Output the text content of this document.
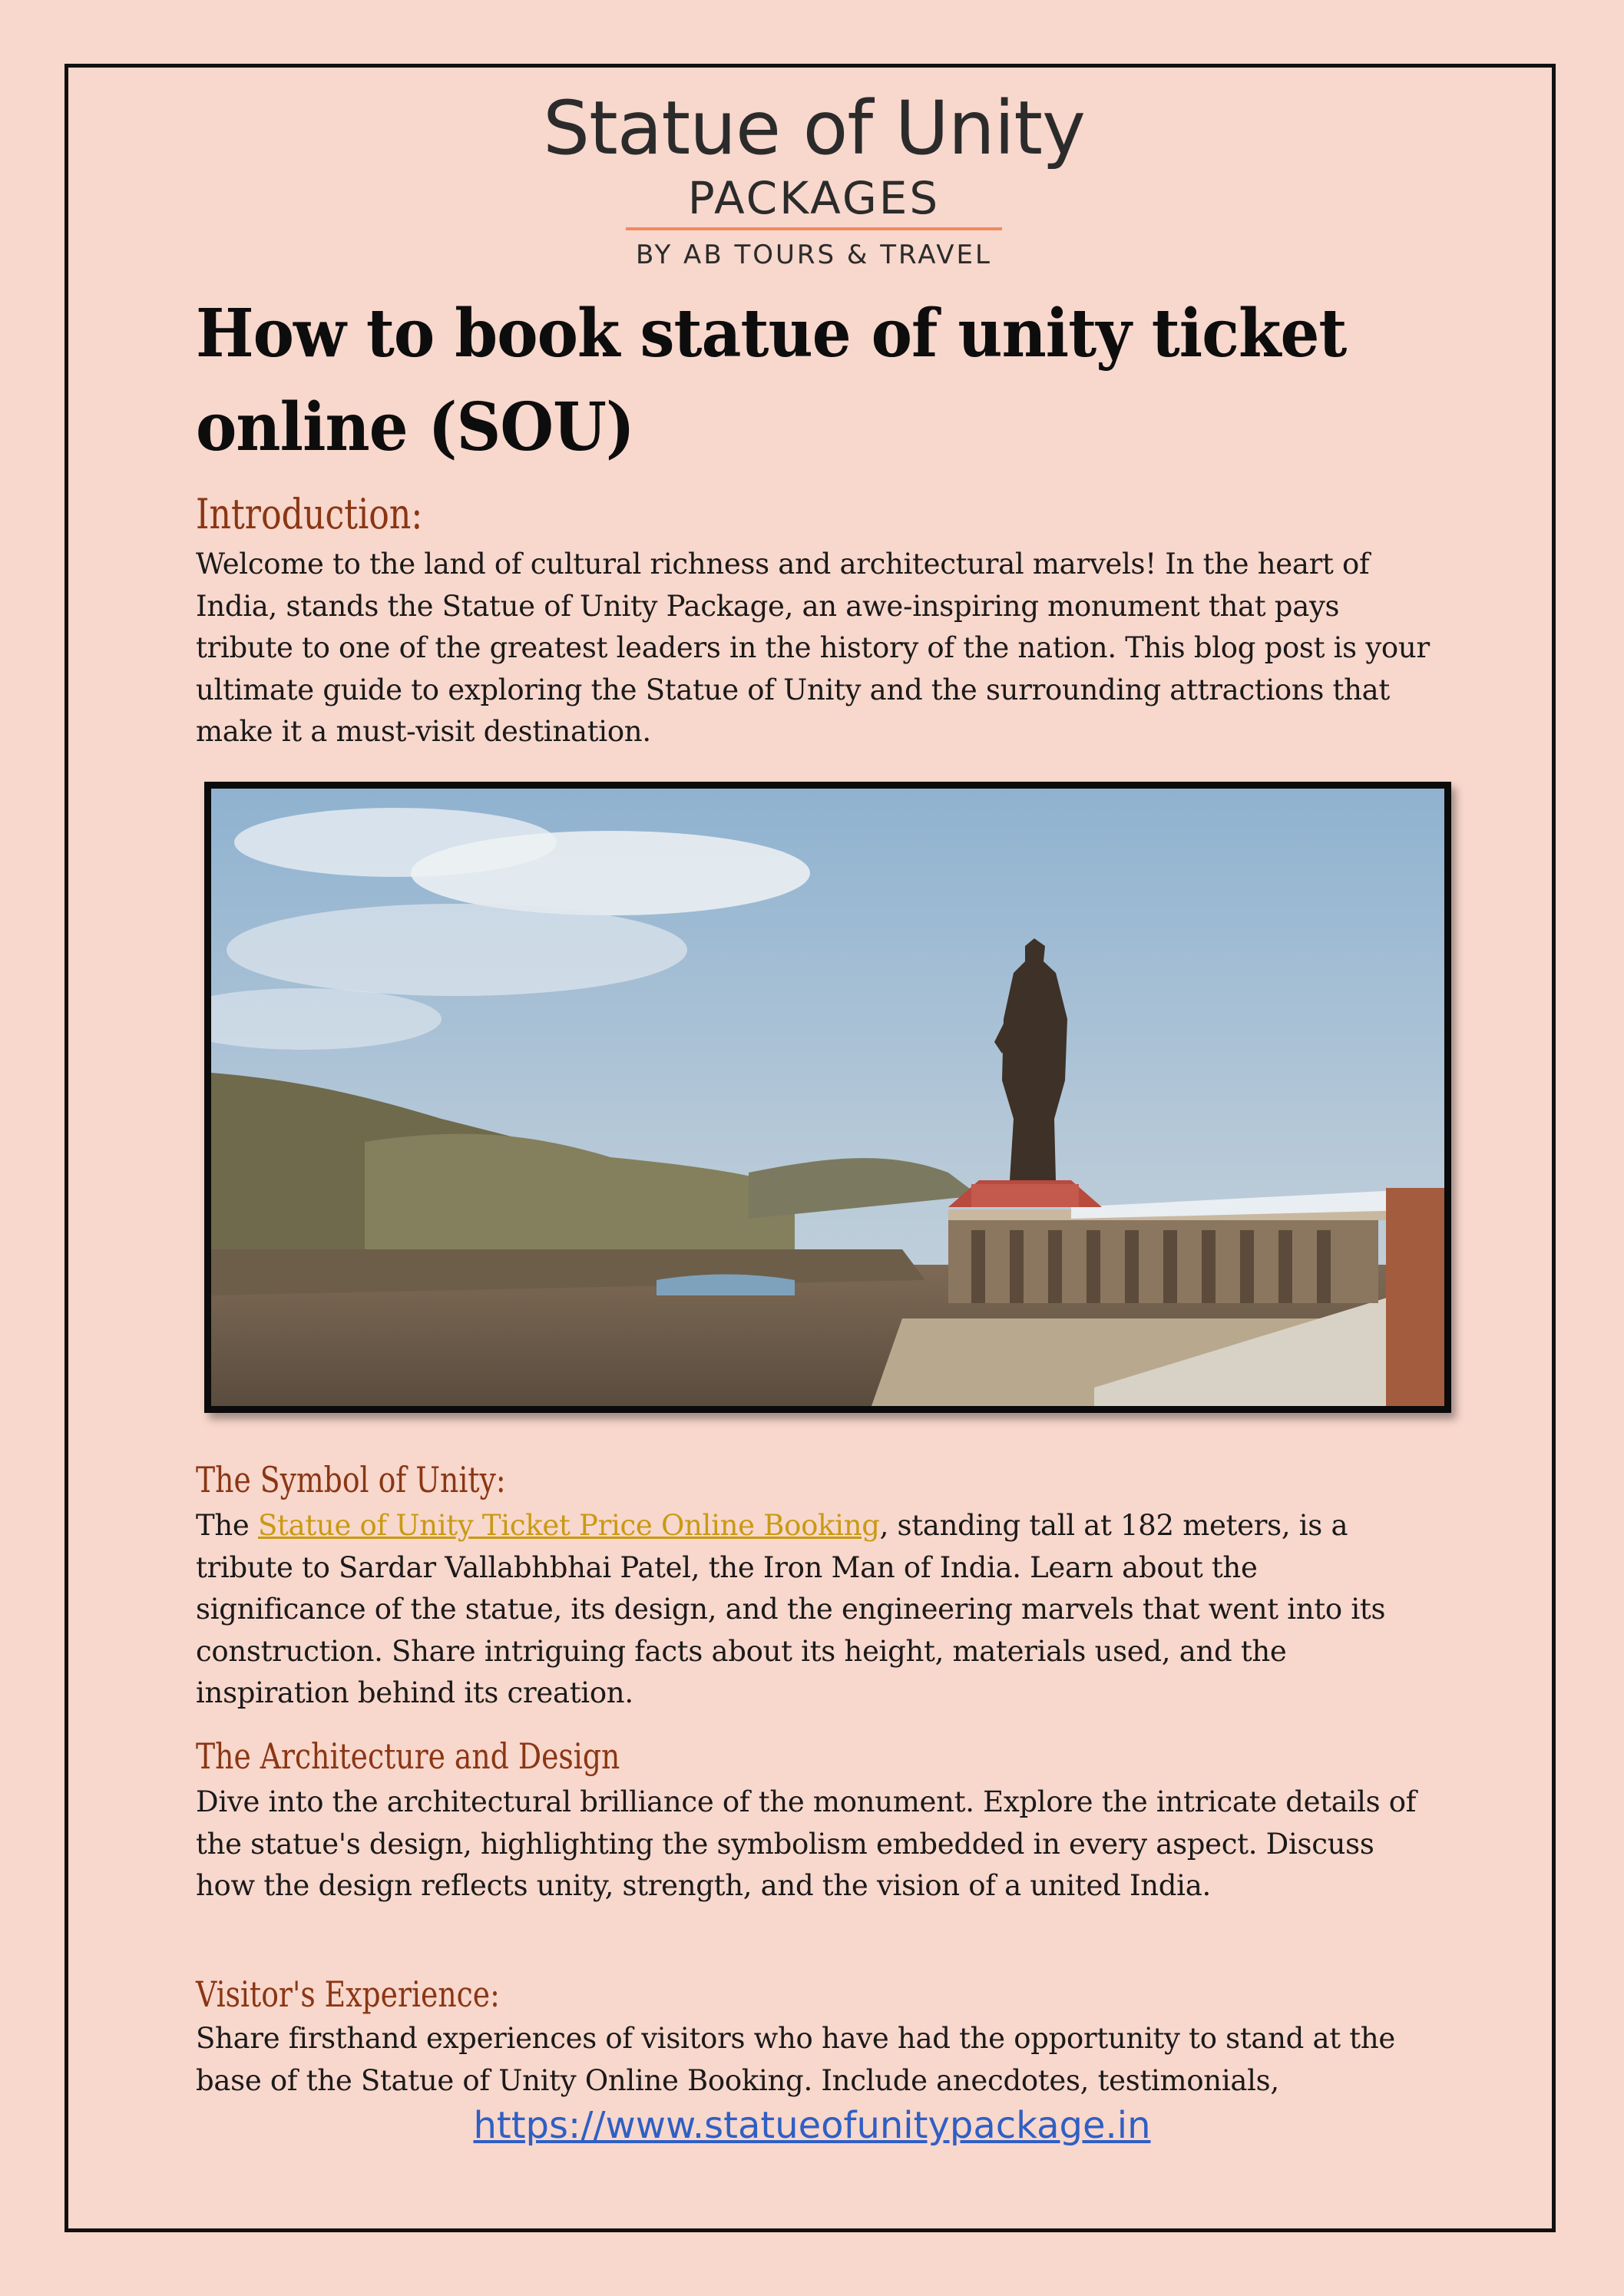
Statue of Unity
PACKAGES
BY AB TOURS & TRAVEL
How to book statue of unity ticket online (SOU)
Introduction:
Welcome to the land of cultural richness and architectural marvels! In the heart of India, stands the Statue of Unity Package, an awe-inspiring monument that pays tribute to one of the greatest leaders in the history of the nation. This blog post is your ultimate guide to exploring the Statue of Unity and the surrounding attractions that make it a must-visit destination.
The Symbol of Unity:
The Statue of Unity Ticket Price Online Booking, standing tall at 182 meters, is a tribute to Sardar Vallabhbhai Patel, the Iron Man of India. Learn about the significance of the statue, its design, and the engineering marvels that went into its construction. Share intriguing facts about its height, materials used, and the inspiration behind its creation.
The Architecture and Design
Dive into the architectural brilliance of the monument. Explore the intricate details of the statue's design, highlighting the symbolism embedded in every aspect. Discuss how the design reflects unity, strength, and the vision of a united India.
Visitor's Experience:
Share firsthand experiences of visitors who have had the opportunity to stand at the base of the Statue of Unity Online Booking. Include anecdotes, testimonials,
https://www.statueofunitypackage.in
